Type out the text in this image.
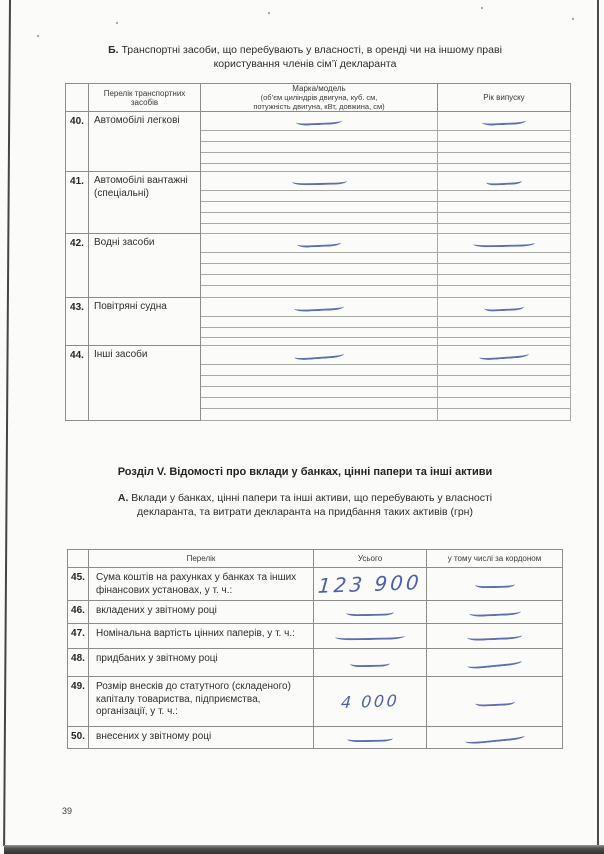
Б. Транспортні засоби, що перебувають у власності, в оренді чи на іншому праві
користування членів сім’ї декларанта
	Перелік транспортних засобів	Марка/модель
(об’єм циліндрів двигуна, куб. см,
потужність двигуна, кВт, довжина, см)	Рік випуску
40.	Автомобілі легкові		

41.	Автомобілі вантажні (спеціальні)		

42.	Водні засоби		

43.	Повітряні судна		

44.	Інші засоби		

Розділ V. Відомості про вклади у банках, цінні папери та інші активи
А. Вклади у банках, цінні папери та інші активи, що перебувають у власності
декларанта, та витрати декларанта на придбання таких активів (грн)
	Перелік	Усього	у тому числі за кордоном
45.	Сума коштів на рахунках у банках та інших фінансових установах, у т. ч.:	123 900	
46.	вкладених у звітному році		
47.	Номінальна вартість цінних паперів, у т. ч.:		
48.	придбаних у звітному році		
49.	Розмір внесків до статутного (складеного) капіталу товариства, підприємства, організації, у т. ч.:	4 000	
50.	внесених у звітному році		
39
